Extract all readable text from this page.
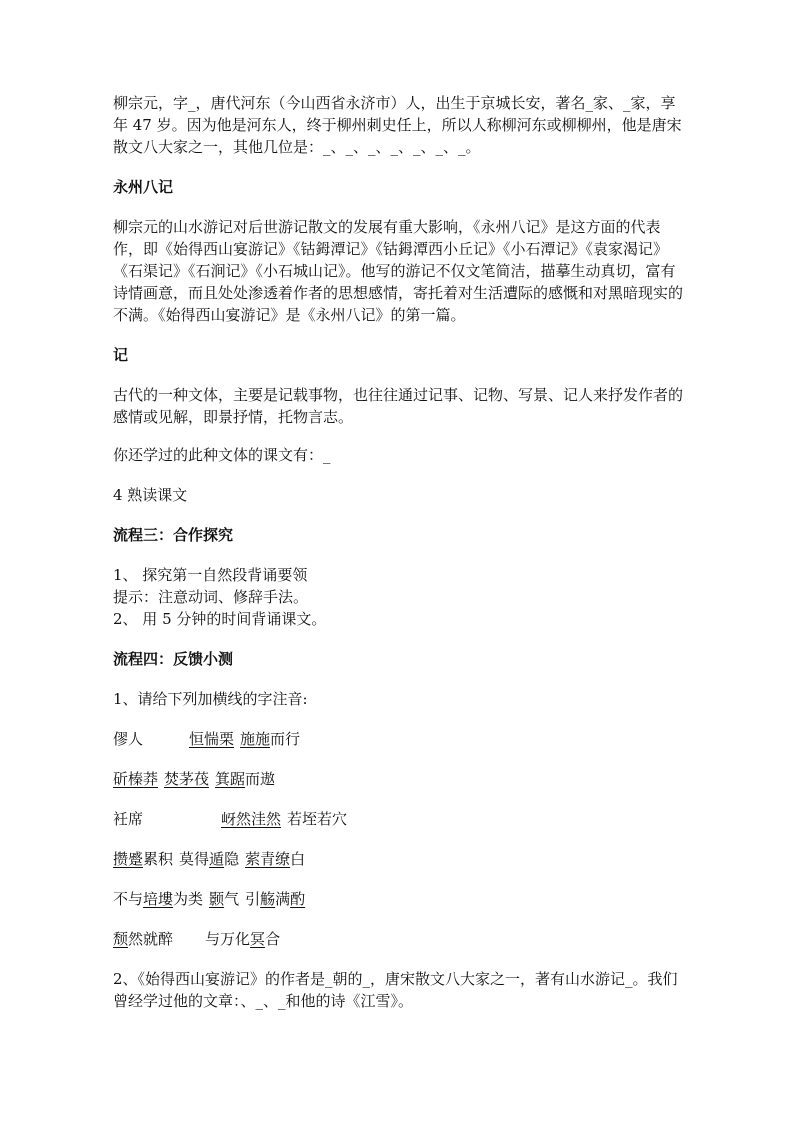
柳宗元，字_，唐代河东（今山西省永济市）人，出生于京城长安，著名_家、_家，享年 47 岁。因为他是河东人，终于柳州刺史任上，所以人称柳河东或柳柳州，他是唐宋散文八大家之一，其他几位是：_、_、_、_、_、_、_。

永州八记

柳宗元的山水游记对后世游记散文的发展有重大影响，《永州八记》是这方面的代表作，即《始得西山宴游记》《钴鉧潭记》《钴鉧潭西小丘记》《小石潭记》《袁家渴记》《石渠记》《石涧记》《小石城山记》。他写的游记不仅文笔简洁，描摹生动真切，富有诗情画意，而且处处渗透着作者的思想感情，寄托着对生活遭际的感慨和对黑暗现实的不满。《始得西山宴游记》是《永州八记》的第一篇。

记

古代的一种文体，主要是记载事物，也往往通过记事、记物、写景、记人来抒发作者的感情或见解，即景抒情，托物言志。

你还学过的此种文体的课文有：_

4 熟读课文

流程三：合作探究

1、 探究第一自然段背诵要领

提示：注意动词、修辞手法。

2、 用 5 分钟的时间背诵课文。

流程四：反馈小测

1、请给下列加横线的字注音:

僇人	恒惴栗 施施而行

斫榛莽 焚茅茷 箕踞而遨

衽席	岈然洼然 若垤若穴

攒蹙累积 莫得遁隐 萦青缭白

不与培塿为类 颢气 引觞满酌

颓然就醉 与万化冥合

2、《始得西山宴游记》的作者是_朝的_，唐宋散文八大家之一，著有山水游记_。我们曾经学过他的文章：、_、_和他的诗《江雪》。
